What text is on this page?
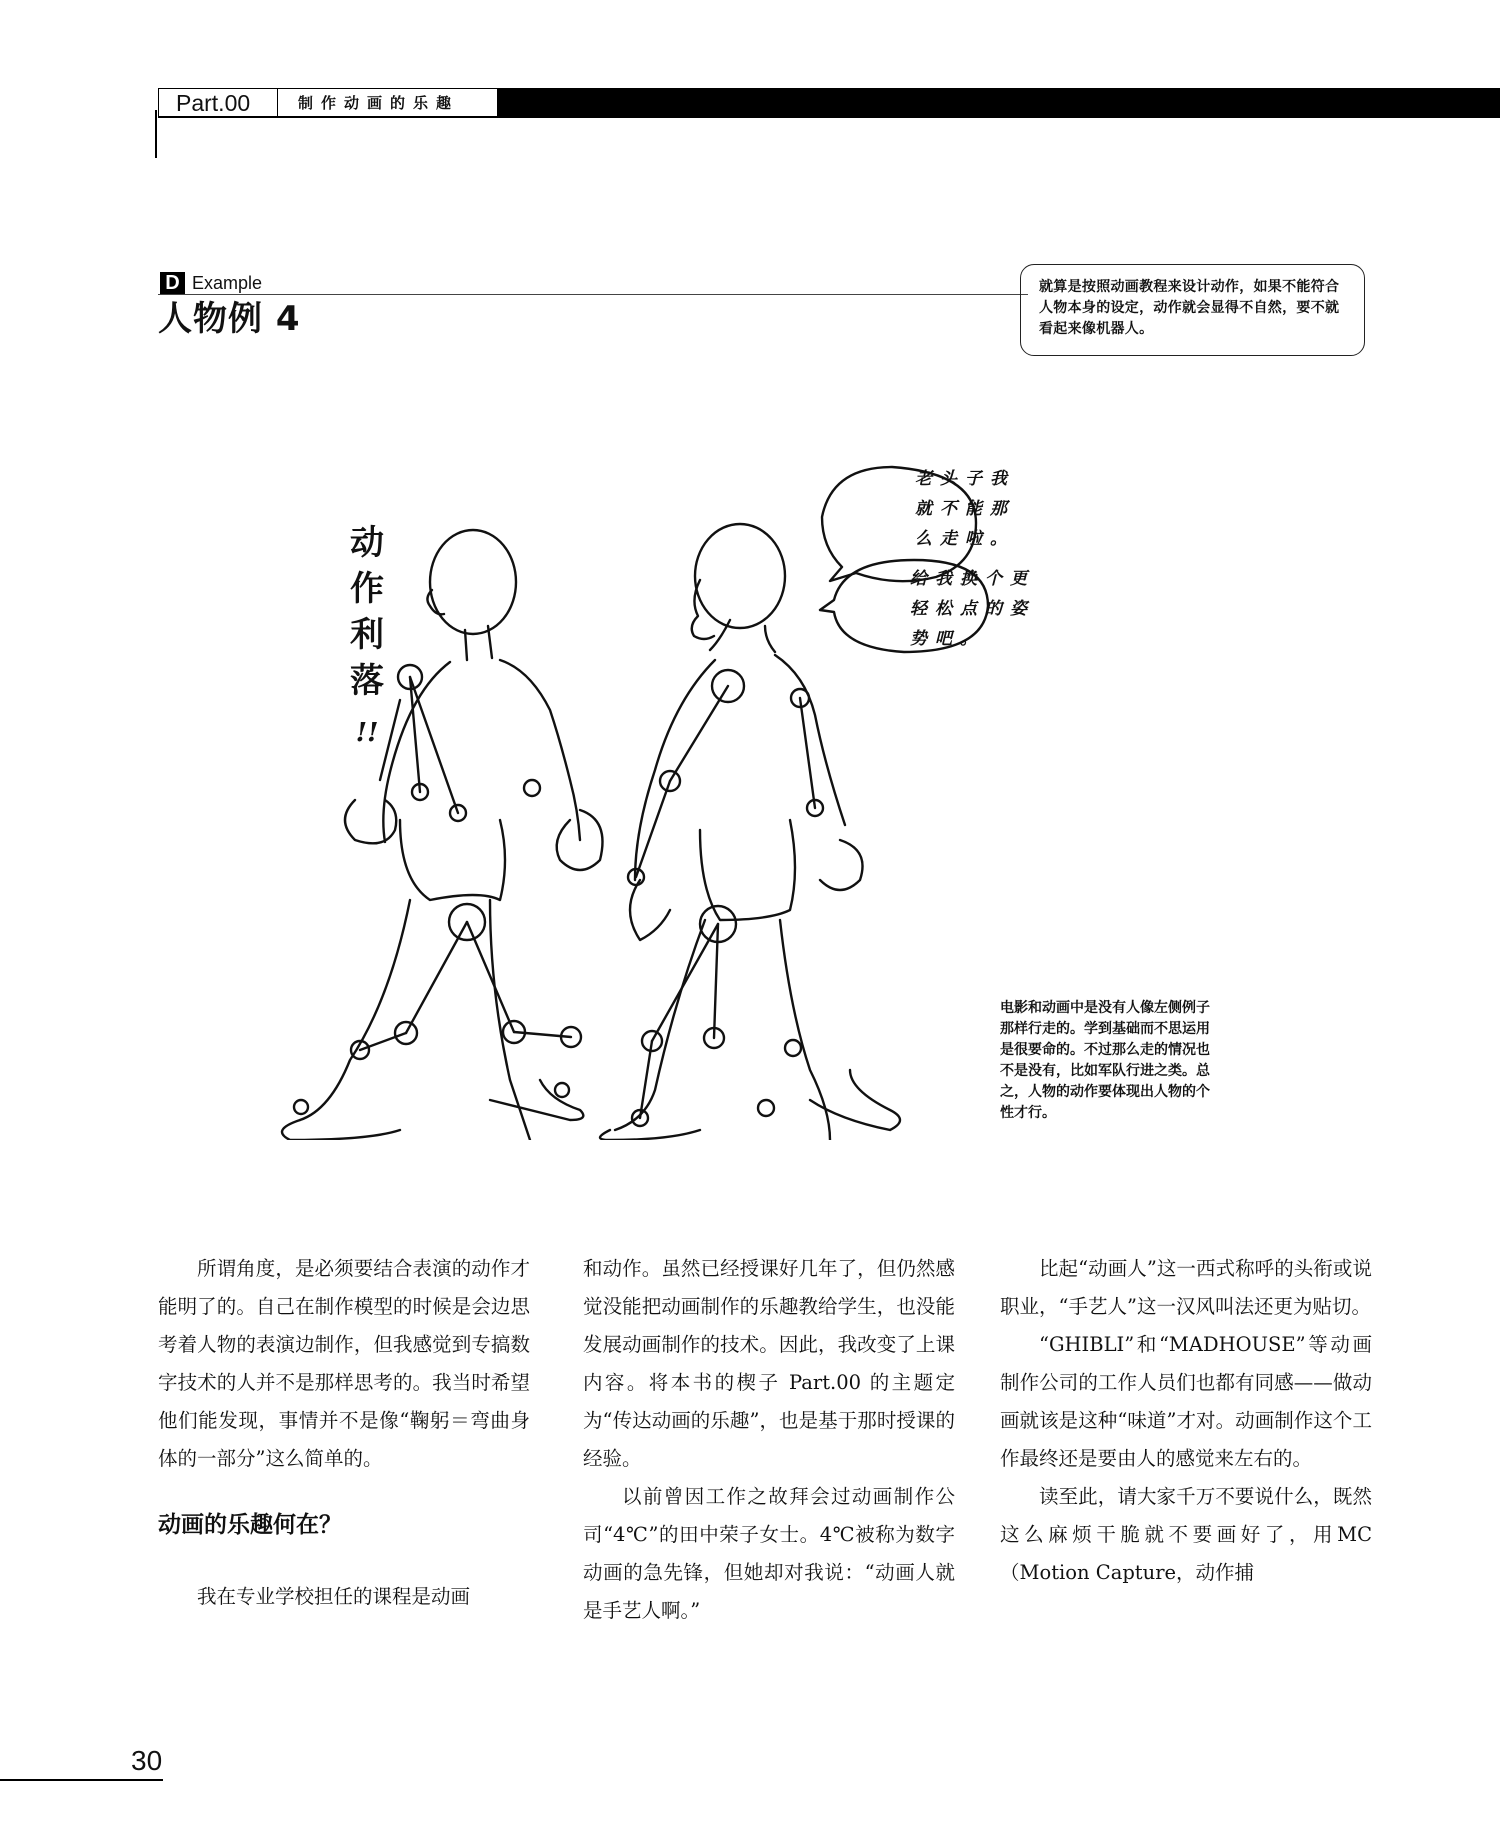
Part.00	制作动画的乐趣
D Example
人物例 4
就算是按照动画教程来设计动作，如果不能符合人物本身的设定，动作就会显得不自然，要不就看起来像机器人。
动
作
利
落
!!
老头子我
就不能那
么走啦。
给我换个更
轻松点的姿
势吧。
电影和动画中是没有人像左侧例子那样行走的。学到基础而不思运用是很要命的。不过那么走的情况也不是没有，比如军队行进之类。总之，人物的动作要体现出人物的个性才行。

所谓角度，是必须要结合表演的动作才能明了的。自己在制作模型的时候是会边思考着人物的表演边制作，但我感觉到专搞数字技术的人并不是那样思考的。我当时希望他们能发现，事情并不是像“鞠躬＝弯曲身体的一部分”这么简单的。

动画的乐趣何在？

我在专业学校担任的课程是动画

和动作。虽然已经授课好几年了，但仍然感觉没能把动画制作的乐趣教给学生，也没能发展动画制作的技术。因此，我改变了上课内容。将本书的楔子 Part.00 的主题定为“传达动画的乐趣”，也是基于那时授课的经验。

以前曾因工作之故拜会过动画制作公司“4℃”的田中荣子女士。4℃被称为数字动画的急先锋，但她却对我说：“动画人就是手艺人啊。”

比起“动画人”这一西式称呼的头衔或说职业，“手艺人”这一汉风叫法还更为贴切。

“GHIBLI”和“MADHOUSE”等动画制作公司的工作人员们也都有同感——做动画就该是这种“味道”才对。动画制作这个工作最终还是要由人的感觉来左右的。

读至此，请大家千万不要说什么，既然这么麻烦干脆就不要画好了，用MC（Motion Capture，动作捕

30
